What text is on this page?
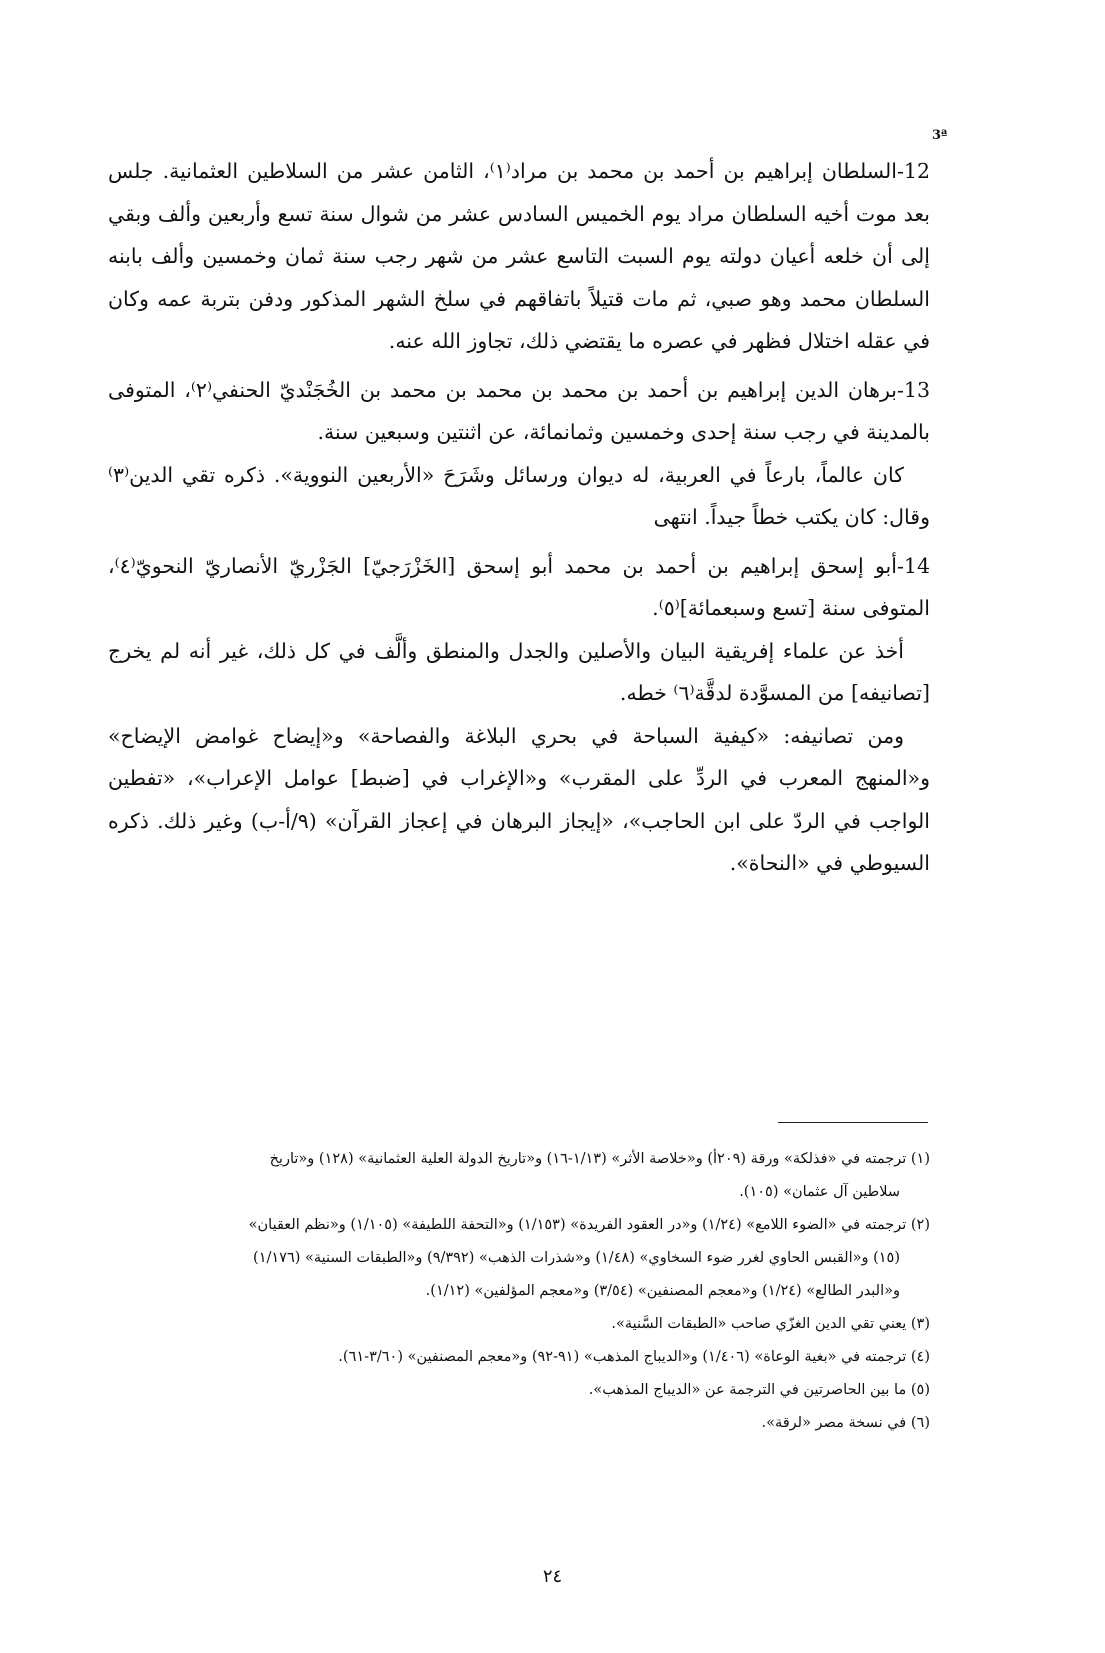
3ª

12-السلطان إبراهيم بن أحمد بن محمد بن مراد⁽١⁾، الثامن عشر من السلاطين العثمانية. جلس بعد موت أخيه السلطان مراد يوم الخميس السادس عشر من شوال سنة تسع وأربعين وألف وبقي إلى أن خلعه أعيان دولته يوم السبت التاسع عشر من شهر رجب سنة ثمان وخمسين وألف بابنه السلطان محمد وهو صبي، ثم مات قتيلاً باتفاقهم في سلخ الشهر المذكور ودفن بتربة عمه وكان في عقله اختلال فظهر في عصره ما يقتضي ذلك، تجاوز الله عنه.

13-برهان الدين إبراهيم بن أحمد بن محمد بن محمد بن محمد بن الخُجَنْديّ الحنفي⁽٢⁾، المتوفى بالمدينة في رجب سنة إحدى وخمسين وثمانمائة، عن اثنتين وسبعين سنة.

كان عالماً، بارعاً في العربية، له ديوان ورسائل وشَرَحَ «الأربعين النووية». ذكره تقي الدين⁽٣⁾ وقال: كان يكتب خطاً جيداً. انتهى

14-أبو إسحق إبراهيم بن أحمد بن محمد أبو إسحق [الخَزْرَجيّ] الجَزْريّ الأنصاريّ النحويّ⁽٤⁾، المتوفى سنة [تسع وسبعمائة]⁽٥⁾.

أخذ عن علماء إفريقية البيان والأصلين والجدل والمنطق وألَّف في كل ذلك، غير أنه لم يخرج [تصانيفه] من المسوَّدة لدقَّة⁽٦⁾ خطه.

ومن تصانيفه: «كيفية السباحة في بحري البلاغة والفصاحة» و«إيضاح غوامض الإيضاح» و«المنهج المعرب في الردِّ على المقرب» و«الإغراب في [ضبط] عوامل الإعراب»، «تفطين الواجب في الردّ على ابن الحاجب»، «إيجاز البرهان في إعجاز القرآن» (٩/أ-ب) وغير ذلك. ذكره السيوطي في «النحاة».

(١) ترجمته في «فذلكة» ورقة (٢٠٩أ) و«خلاصة الأثر» (١/١٣-١٦) و«تاريخ الدولة العلية العثمانية» (١٢٨) و«تاريخ

سلاطين آل عثمان» (١٠٥).

(٢) ترجمته في «الضوء اللامع» (١/٢٤) و«در العقود الفريدة» (١/١٥٣) و«التحفة اللطيفة» (١/١٠٥) و«نظم العقيان»

(١٥) و«القبس الحاوي لغرر ضوء السخاوي» (١/٤٨) و«شذرات الذهب» (٩/٣٩٢) و«الطبقات السنية» (١/١٧٦)

و«البدر الطالع» (١/٢٤) و«معجم المصنفين» (٣/٥٤) و«معجم المؤلفين» (١/١٢).

(٣) يعني تقي الدين الغزّي صاحب «الطبقات السَّنية».

(٤) ترجمته في «بغية الوعاة» (١/٤٠٦) و«الديباج المذهب» (٩١-٩٢) و«معجم المصنفين» (٣/٦٠-٦١).

(٥) ما بين الحاصرتين في الترجمة عن «الديباج المذهب».

(٦) في نسخة مصر «لرقة».

٢٤
